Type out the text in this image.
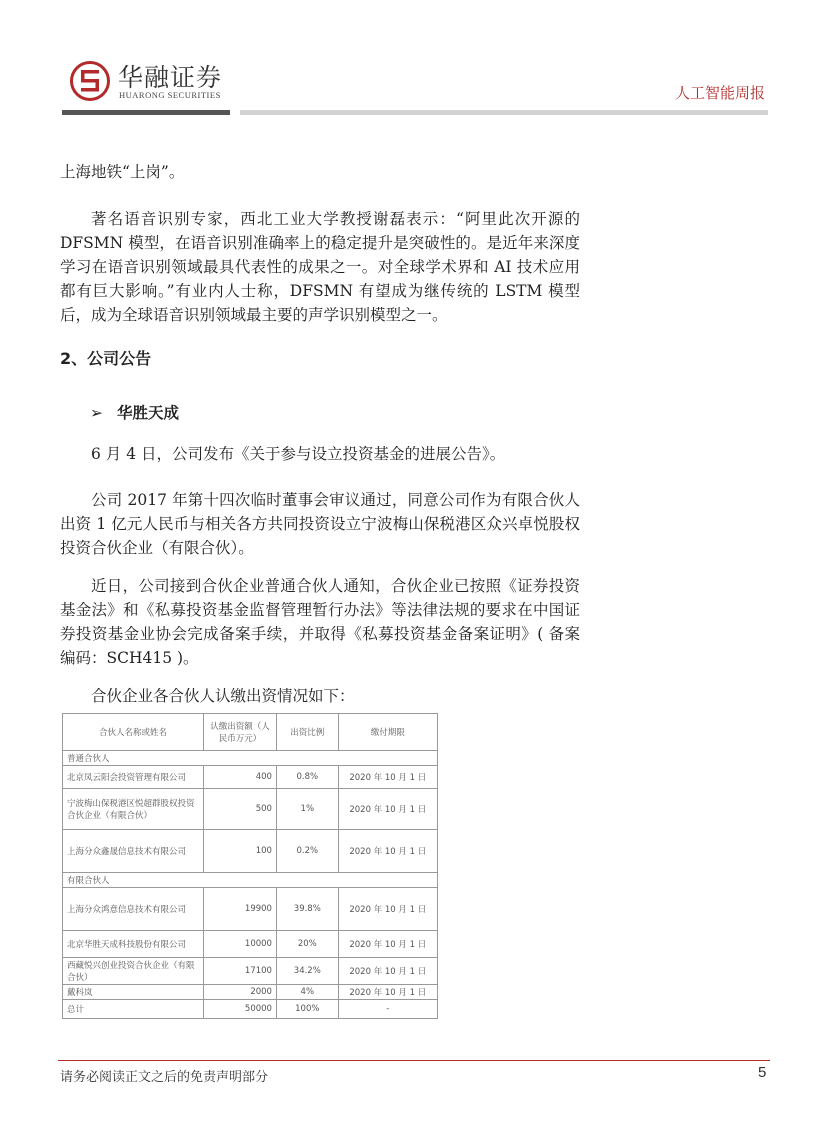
华融证券
HUARONG SECURITIES	人工智能周报

上海地铁“上岗”。

著名语音识别专家，西北工业大学教授谢磊表示：“阿里此次开源的 DFSMN 模型，在语音识别准确率上的稳定提升是突破性的。是近年来深度学习在语音识别领域最具代表性的成果之一。对全球学术界和 AI 技术应用都有巨大影响。”有业内人士称，DFSMN 有望成为继传统的 LSTM 模型后，成为全球语音识别领域最主要的声学识别模型之一。

2、公司公告
➢ 华胜天成

6 月 4 日，公司发布《关于参与设立投资基金的进展公告》。

公司 2017 年第十四次临时董事会审议通过，同意公司作为有限合伙人出资 1 亿元人民币与相关各方共同投资设立宁波梅山保税港区众兴卓悦股权投资合伙企业（有限合伙）。

近日，公司接到合伙企业普通合伙人通知，合伙企业已按照《证券投资基金法》和《私募投资基金监督管理暂行办法》等法律法规的要求在中国证券投资基金业协会完成备案手续，并取得《私募投资基金备案证明》( 备案编码：SCH415 )。

合伙企业各合伙人认缴出资情况如下：

合伙人名称或姓名	认缴出资额（人民币万元）	出资比例	缴付期限
普通合伙人			
北京凤云阳会投资管理有限公司	400	0.8%	2020 年 10 月 1 日
宁波梅山保税港区悦超群股权投资合伙企业（有限合伙）	500	1%	2020 年 10 月 1 日
上海分众鑫晟信息技术有限公司	100	0.2%	2020 年 10 月 1 日
有限合伙人			
上海分众鸿意信息技术有限公司	19900	39.8%	2020 年 10 月 1 日
北京华胜天成科技股份有限公司	10000	20%	2020 年 10 月 1 日
西藏悦兴创业投资合伙企业（有限合伙）	17100	34.2%	2020 年 10 月 1 日
戴科岚	2000	4%	2020 年 10 月 1 日
总计	50000	100%	-
请务必阅读正文之后的免责声明部分	5
